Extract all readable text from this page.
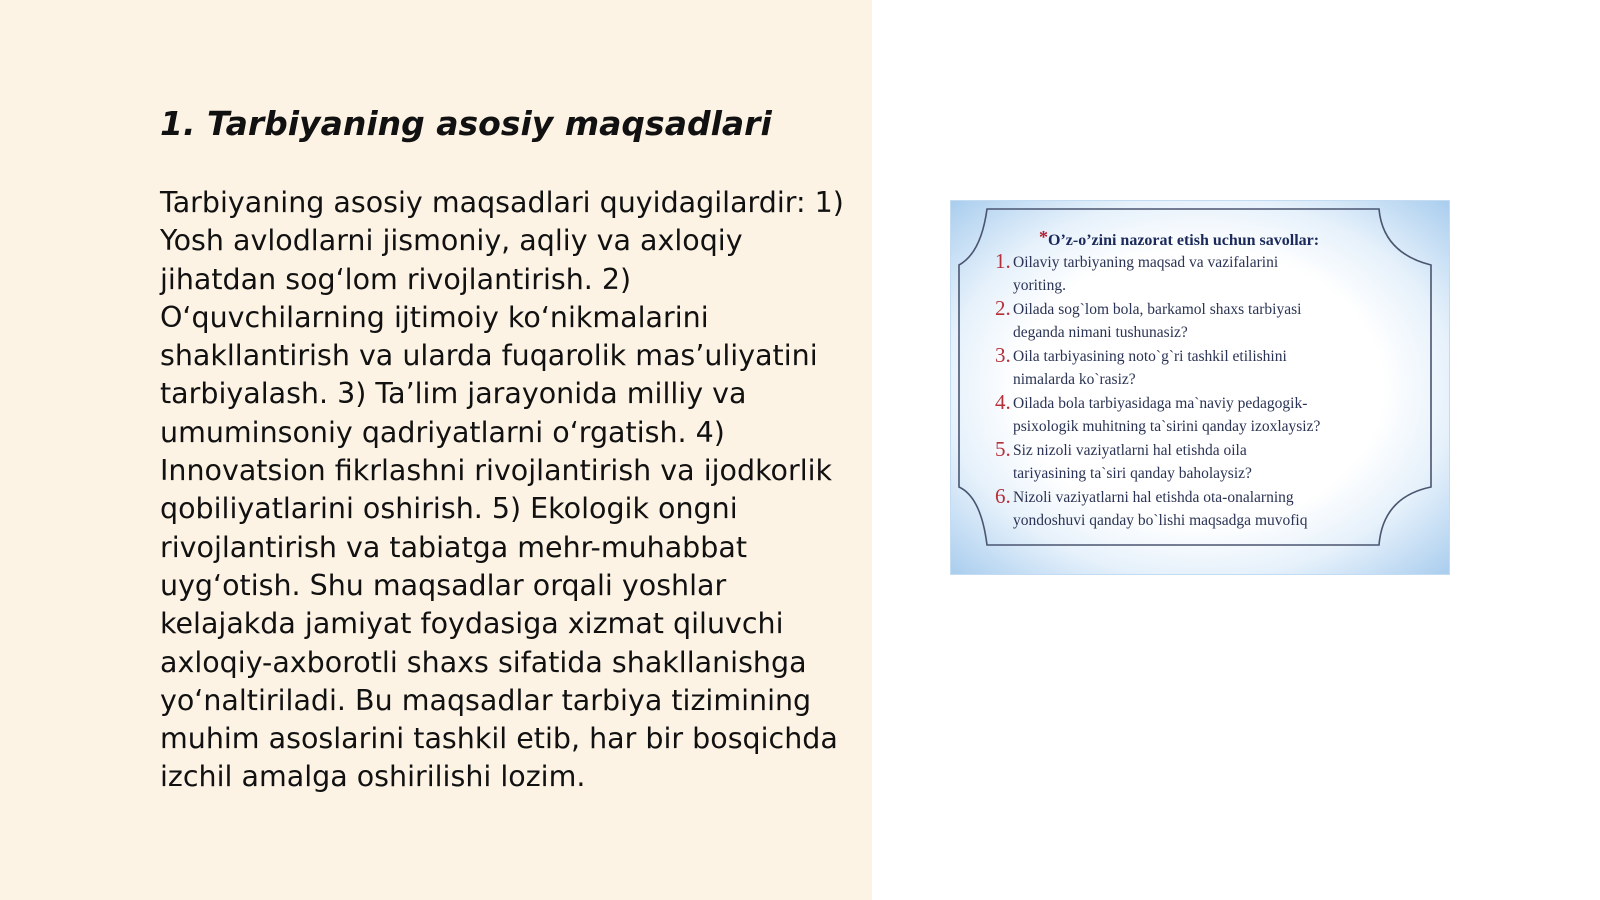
1. Tarbiyaning asosiy maqsadlari

Tarbiyaning asosiy maqsadlari quyidagilardir: 1) Yosh avlodlarni jismoniy, aqliy va axloqiy jihatdan sog‘lom rivojlantirish. 2) O‘quvchilarning ijtimoiy ko‘nikmalarini shakllantirish va ularda fuqarolik mas’uliyatini tarbiyalash. 3) Ta’lim jarayonida milliy va umuminsoniy qadriyatlarni o‘rgatish. 4) Innovatsion fikrlashni rivojlantirish va ijodkorlik qobiliyatlarini oshirish. 5) Ekologik ongni rivojlantirish va tabiatga mehr-muhabbat uyg‘otish. Shu maqsadlar orqali yoshlar kelajakda jamiyat foydasiga xizmat qiluvchi axloqiy-axborotli shaxs sifatida shakllanishga yo‘naltiriladi. Bu maqsadlar tarbiya tizimining muhim asoslarini tashkil etib, har bir bosqichda izchil amalga oshirilishi lozim.

*O’z-o’zini nazorat etish uchun savollar:
1. Oilaviy tarbiyaning maqsad va vazifalarini
yoriting.
2. Oilada sog`lom bola, barkamol shaxs tarbiyasi
deganda nimani tushunasiz?
3. Oila tarbiyasining noto`g`ri tashkil etilishini
nimalarda ko`rasiz?
4. Oilada bola tarbiyasidaga ma`naviy pedagogik-
psixologik muhitning ta`sirini qanday izoxlaysiz?
5. Siz nizoli vaziyatlarni hal etishda oila
tariyasining ta`siri qanday baholaysiz?
6. Nizoli vaziyatlarni hal etishda ota-onalarning
yondoshuvi qanday bo`lishi maqsadga muvofiq
